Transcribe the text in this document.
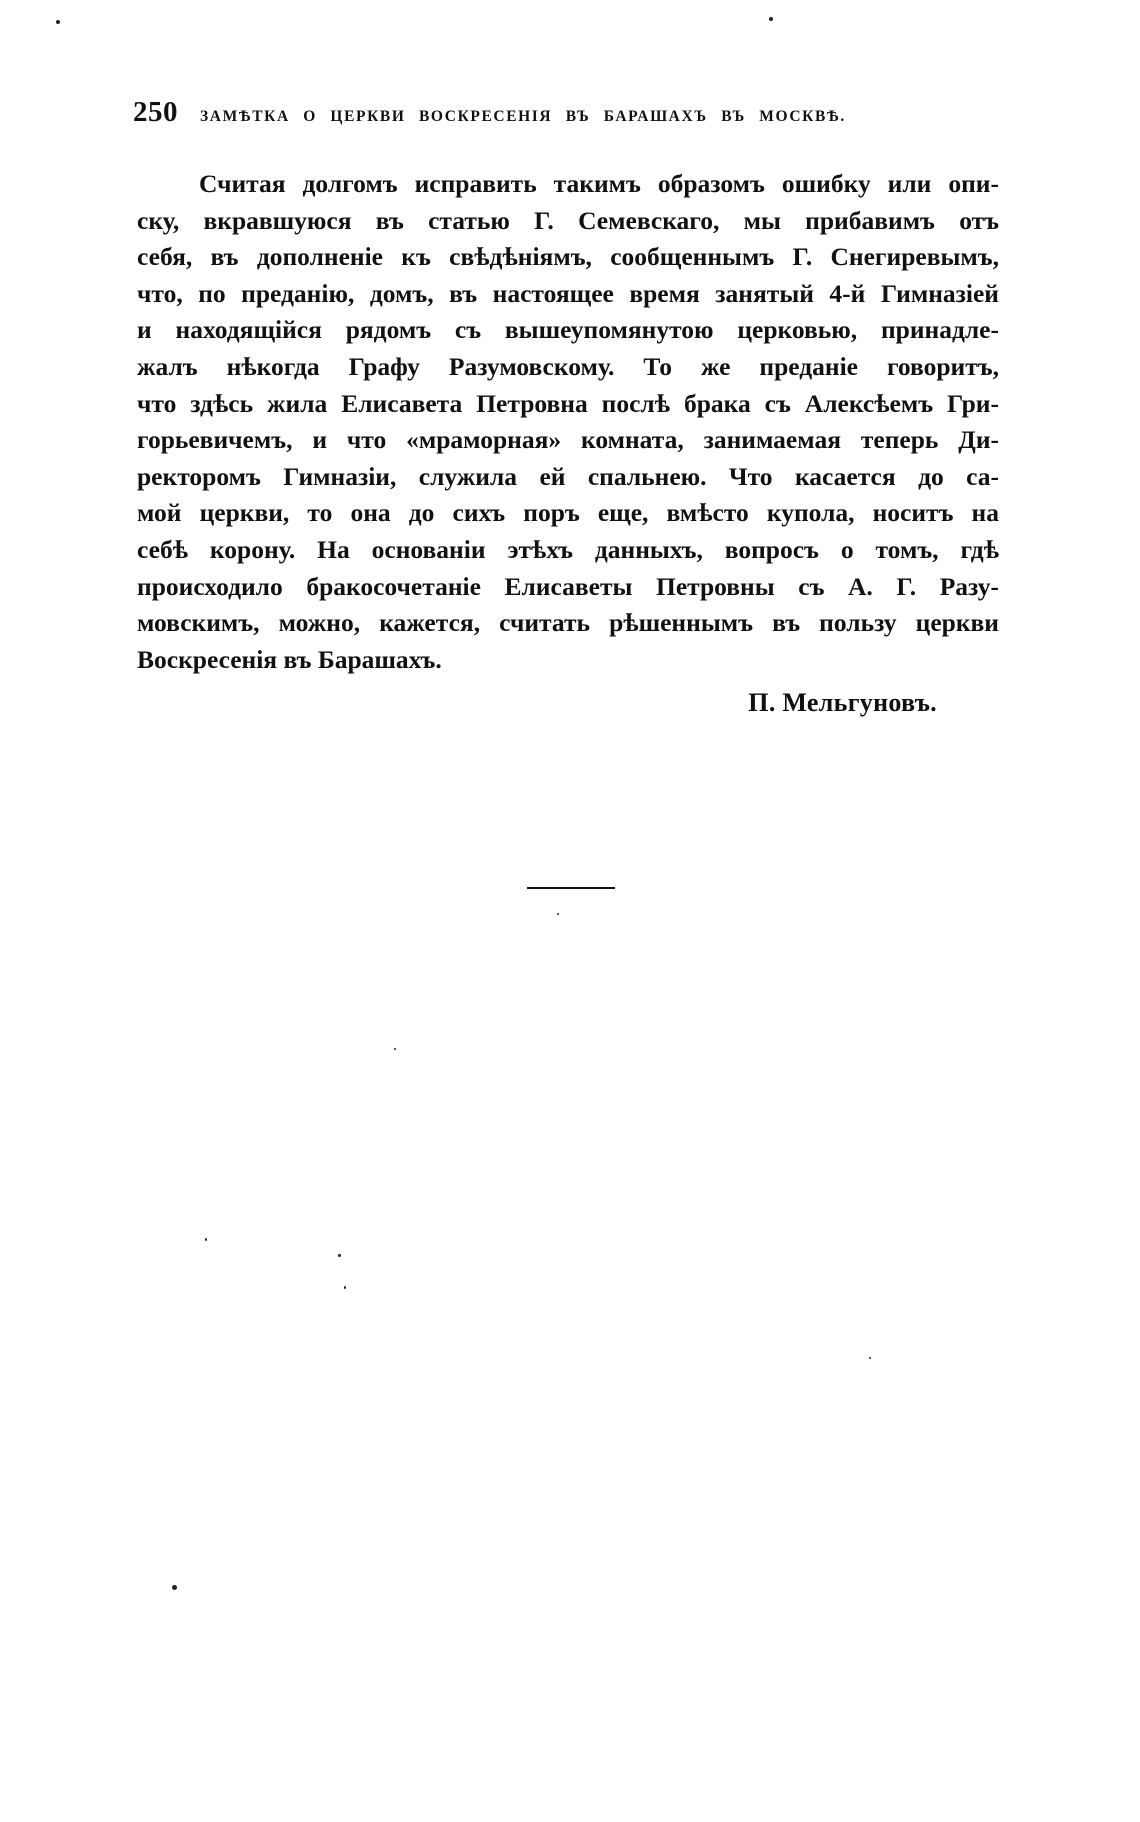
250 ЗАМѢТКА О ЦЕРКВИ ВОСКРЕСЕНІЯ ВЪ БАРАШАХЪ ВЪ МОСКВѢ.
Считая долгомъ исправить такимъ образомъ ошибку или опи-
ску, вкравшуюся въ статью Г. Семевскаго, мы прибавимъ отъ
себя, въ дополненіе къ свѣдѣніямъ, сообщеннымъ Г. Снегиревымъ,
что, по преданію, домъ, въ настоящее время занятый 4-й Гимназіей
и находящійся рядомъ съ вышеупомянутою церковью, принадле-
жалъ нѣкогда Графу Разумовскому. То же преданіе говоритъ,
что здѣсь жила Елисавета Петровна послѣ брака съ Алексѣемъ Гри-
горьевичемъ, и что «мраморная» комната, занимаемая теперь Ди-
ректоромъ Гимназіи, служила ей спальнею. Что касается до са-
мой церкви, то она до сихъ поръ еще, вмѣсто купола, носитъ на
себѣ корону. На основаніи этѣхъ данныхъ, вопросъ о томъ, гдѣ
происходило бракосочетаніе Елисаветы Петровны съ А. Г. Разу-
мовскимъ, можно, кажется, считать рѣшеннымъ въ пользу церкви
Воскресенія въ Барашахъ.
П. Мельгуновъ.
